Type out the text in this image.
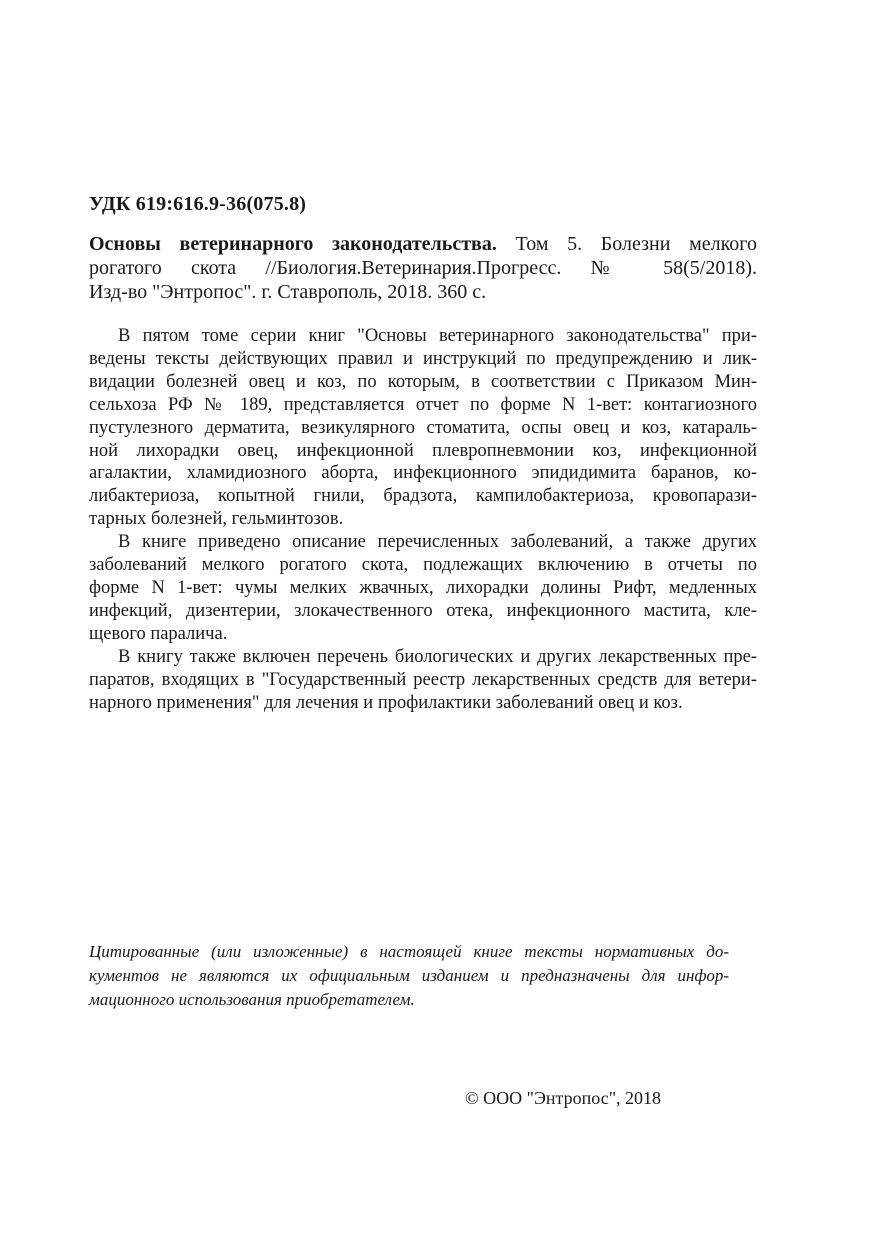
УДК 619:616.9-36(075.8)

Основы ветеринарного законодательства. Том 5. Болезни мелкого
рогатого скота //Биология.Ветеринария.Прогресс. № 58(5/2018).
Изд-во "Энтропос". г. Ставрополь, 2018. 360 с.

В пятом томе серии книг "Основы ветеринарного законодательства" при-
ведены тексты действующих правил и инструкций по предупреждению и лик-
видации болезней овец и коз, по которым, в соответствии с Приказом Мин-
сельхоза РФ № 189, представляется отчет по форме N 1-вет: контагиозного
пустулезного дерматита, везикулярного стоматита, оспы овец и коз, катараль-
ной лихорадки овец, инфекционной плевропневмонии коз, инфекционной
агалактии, хламидиозного аборта, инфекционного эпидидимита баранов, ко-
либактериоза, копытной гнили, брадзота, кампилобактериоза, кровопарази-
тарных болезней, гельминтозов.
В книге приведено описание перечисленных заболеваний, а также других
заболеваний мелкого рогатого скота, подлежащих включению в отчеты по
форме N 1-вет: чумы мелких жвачных, лихорадки долины Рифт, медленных
инфекций, дизентерии, злокачественного отека, инфекционного мастита, кле-
щевого паралича.
В книгу также включен перечень биологических и других лекарственных пре-
паратов, входящих в "Государственный реестр лекарственных средств для ветери-
нарного применения" для лечения и профилактики заболеваний овец и коз.
Цитированные (или изложенные) в настоящей книге тексты нормативных до-
кументов не являются их официальным изданием и предназначены для инфор-
мационного использования приобретателем.

© ООО "Энтропос", 2018
